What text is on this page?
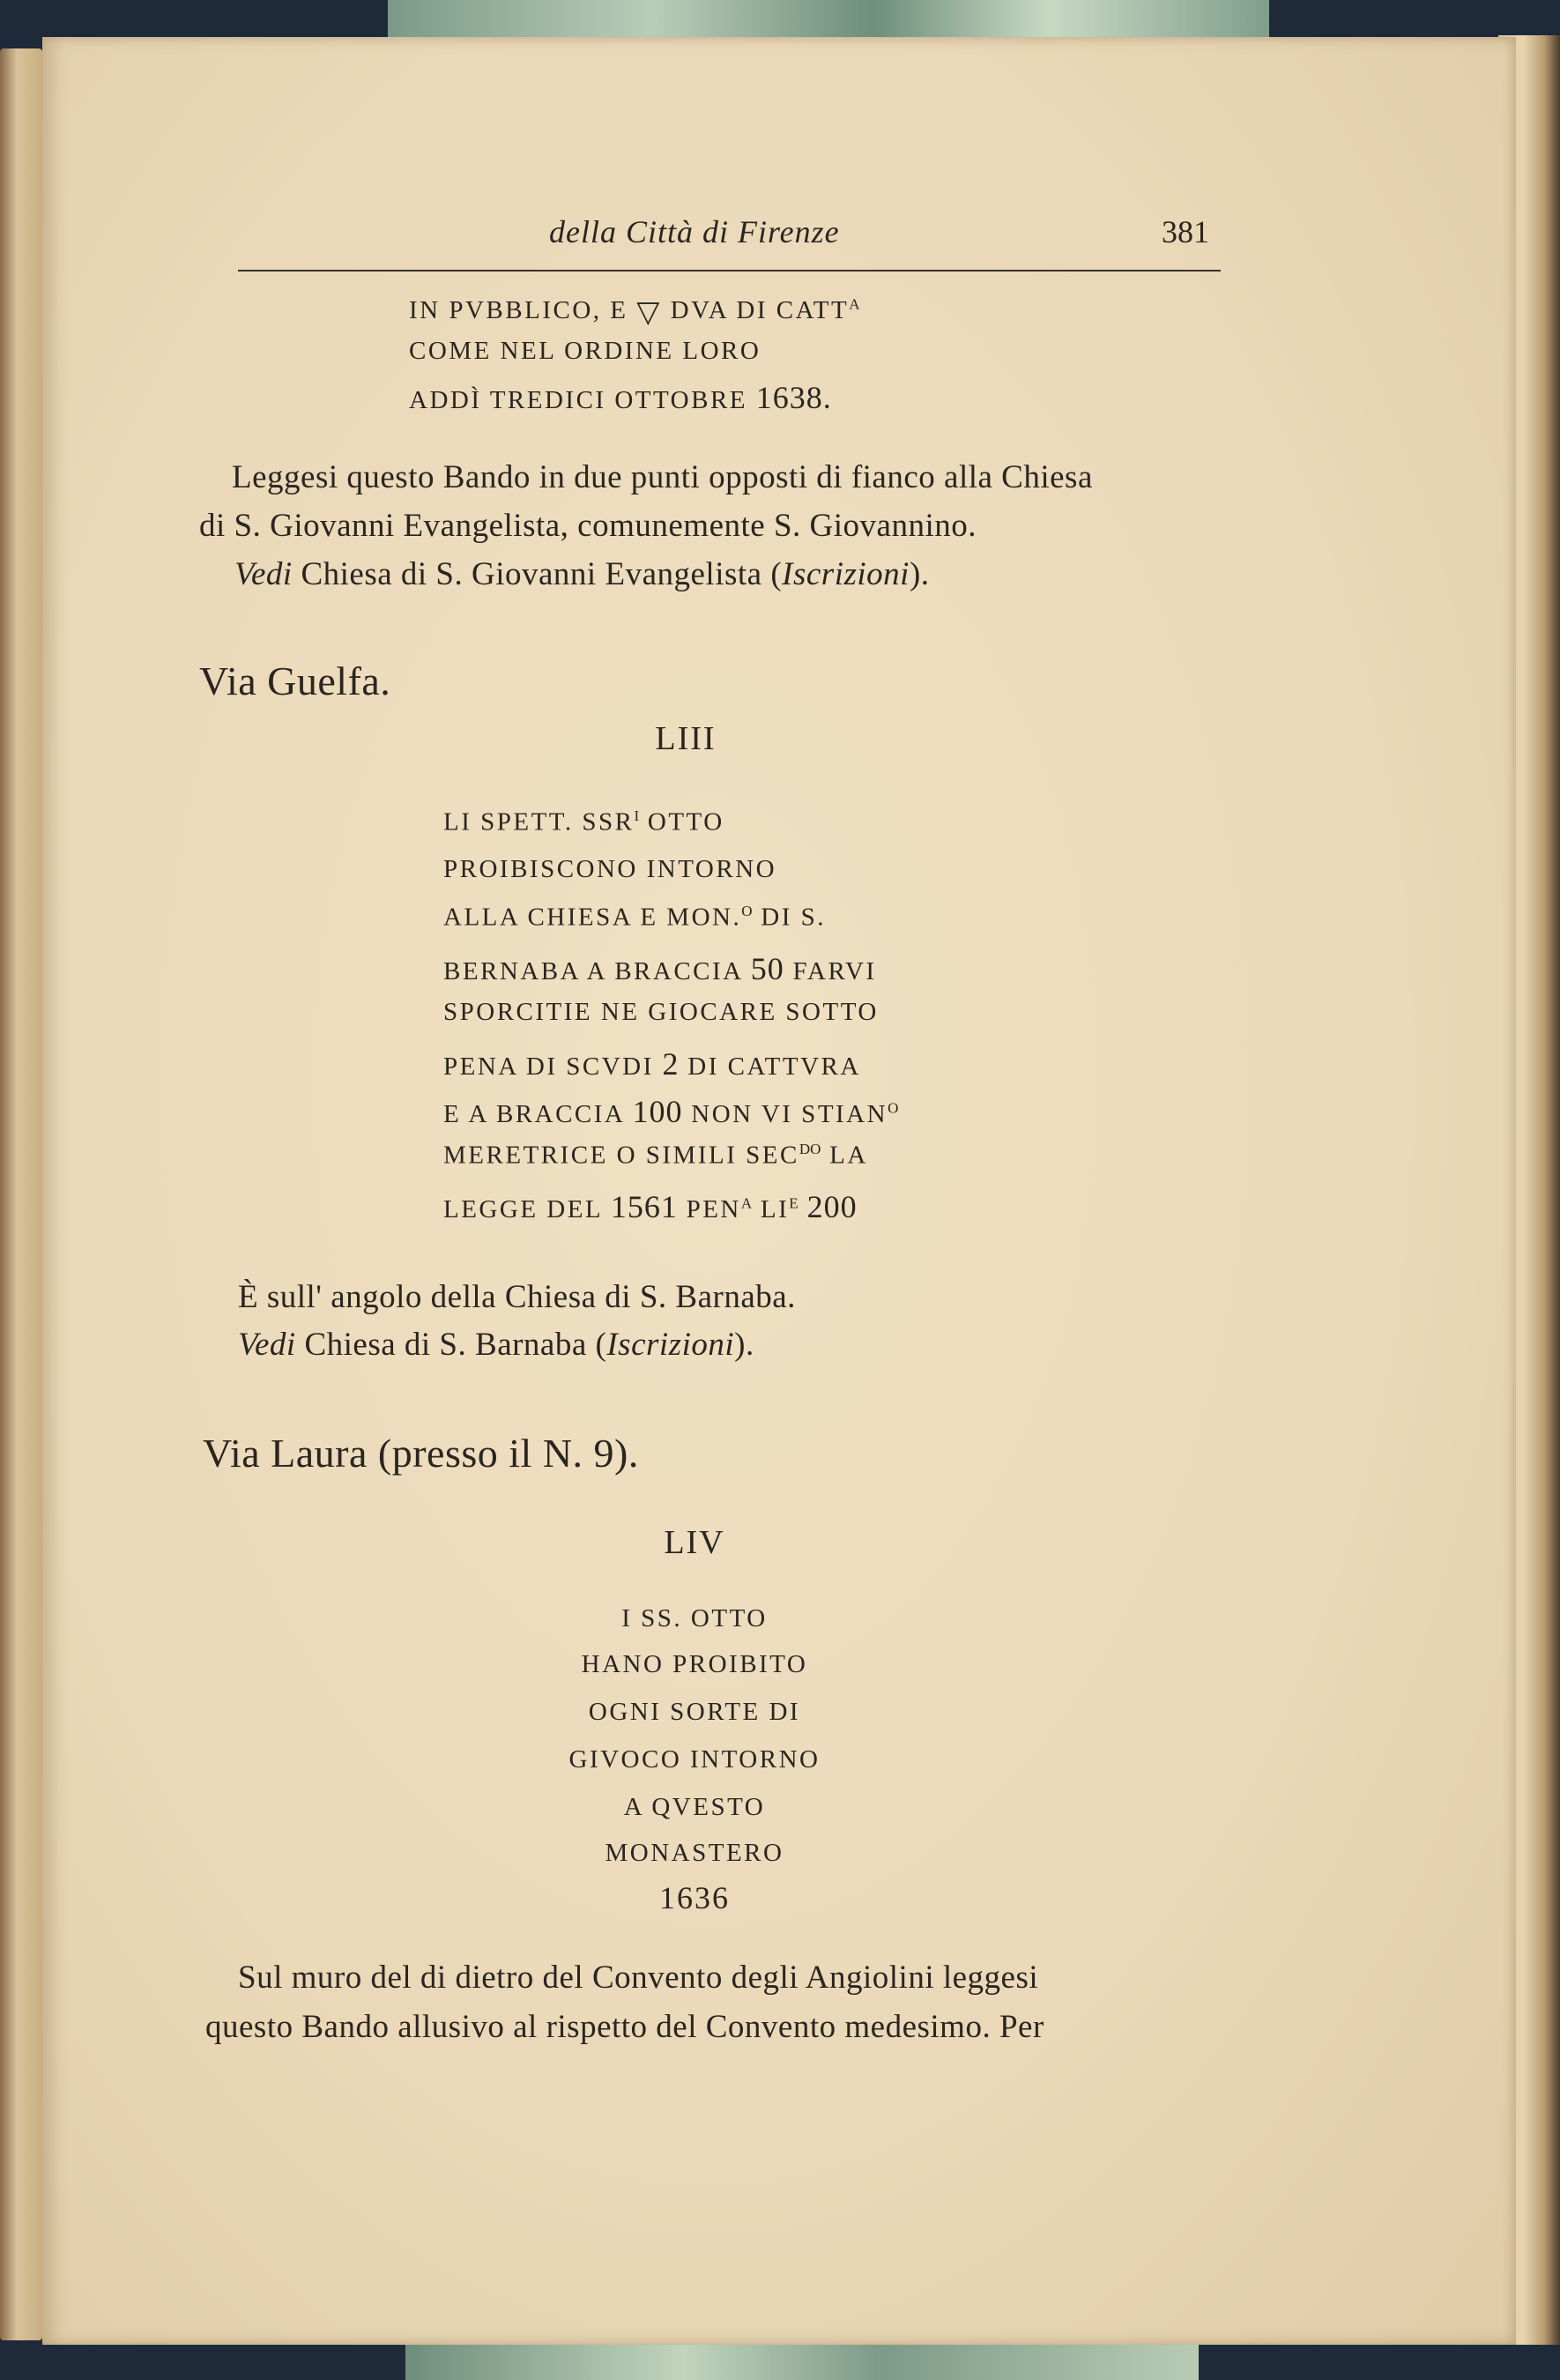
della Città di Firenze	381
IN PVBBLICO, E ▽ DVA DI $CATT^A$
COME NEL ORDINE LORO
ADDÌ TREDICI OTTOBRE 1638.
Leggesi questo Bando in due punti opposti di fianco alla Chiesa
di S. Giovanni Evangelista, comunemente S. Giovannino.
Vedi Chiesa di S. Giovanni Evangelista (Iscrizioni).
Via Guelfa.
LIII
LI SPETT. $SSR^I$ OTTO
PROIBISCONO INTORNO
ALLA CHIESA E MON.$^O$ DI S.
BERNABA A BRACCIA 50 FARVI
SPORCITIE NE GIOCARE SOTTO
PENA DI SCVDI 2 DI CATTVRA
E A BRACCIA 100 NON VI $STIAN^O$
MERETRICE O SIMILI $SEC^{DO}$ LA
LEGGE DEL 1561 $PEN^A$ $LI^E$ 200
È sull' angolo della Chiesa di S. Barnaba.
Vedi Chiesa di S. Barnaba (Iscrizioni).
Via Laura (presso il N. 9).
LIV
I SS. OTTO
HANO PROIBITO
OGNI SORTE DI
GIVOCO INTORNO
A QVESTO
MONASTERO
1636
Sul muro del di dietro del Convento degli Angiolini leggesi
questo Bando allusivo al rispetto del Convento medesimo. Per
